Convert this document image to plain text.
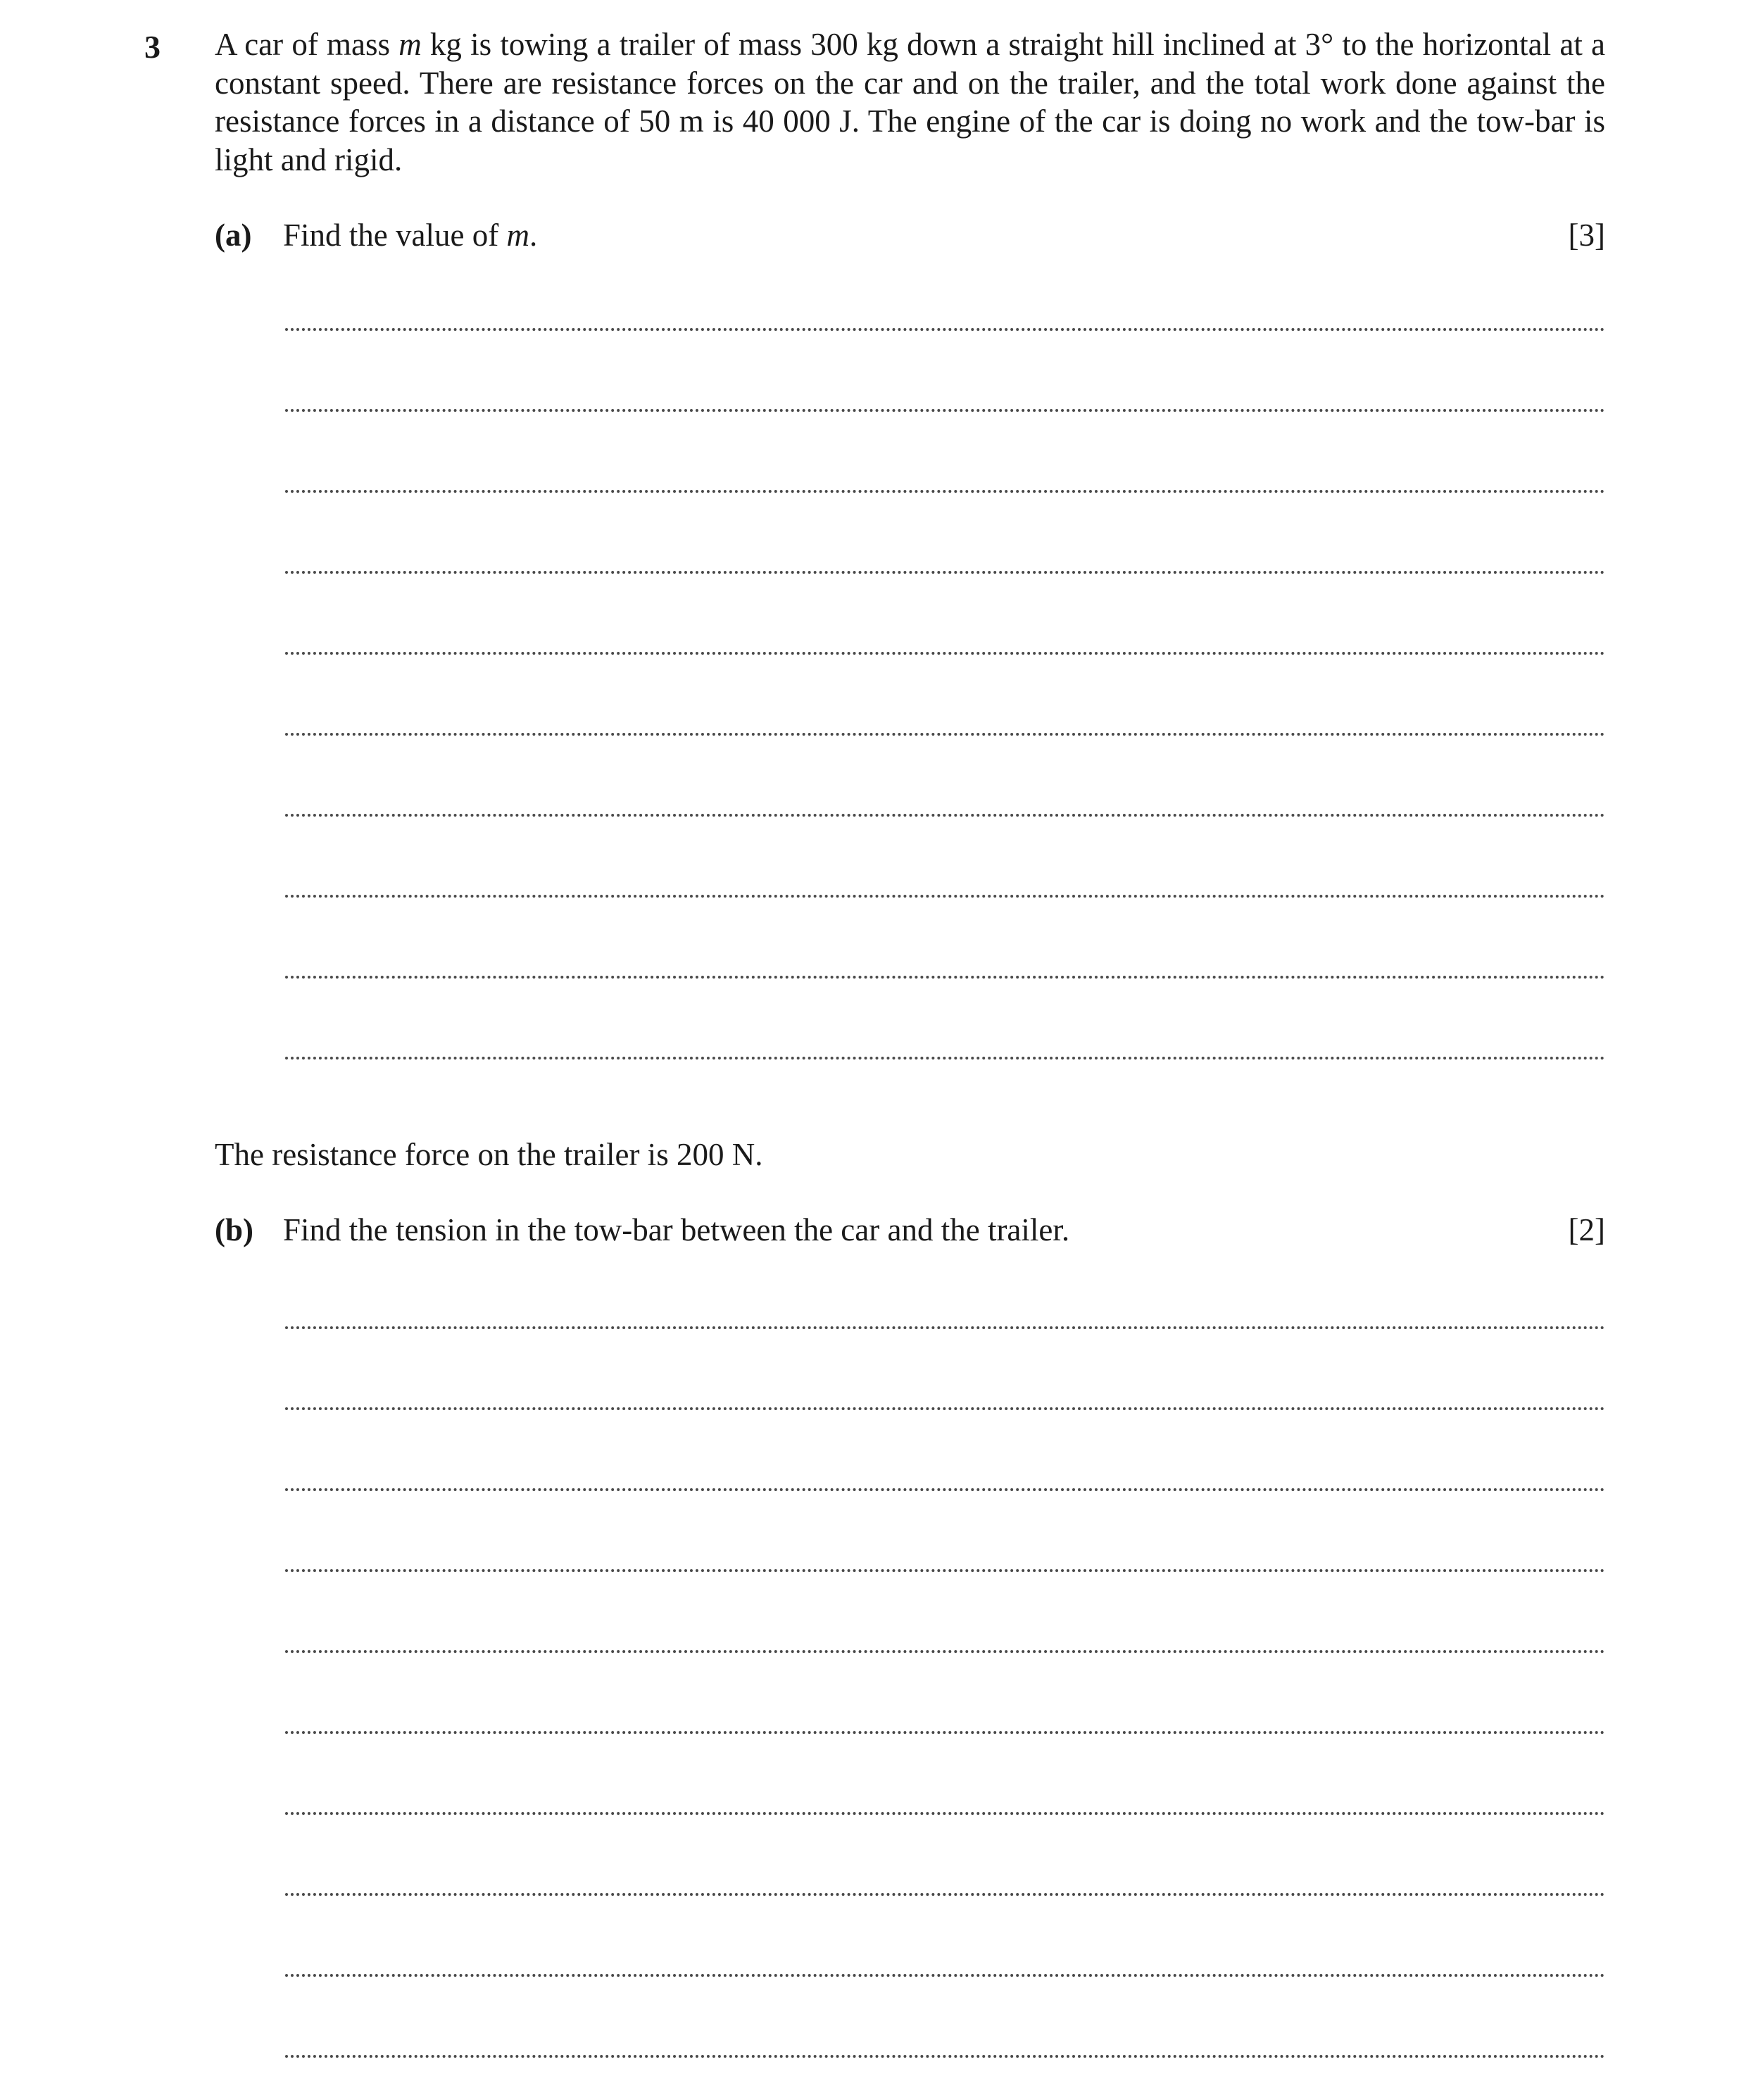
3 A car of mass m kg is towing a trailer of mass 300 kg down a straight hill inclined at 3° to the horizontal at a constant speed. There are resistance forces on the car and on the trailer, and the total work done against the resistance forces in a distance of 50 m is 40 000 J. The engine of the car is doing no work and the tow-bar is light and rigid.

(a) Find the value of m.	[3]

The resistance force on the trailer is 200 N.

(b) Find the tension in the tow-bar between the car and the trailer.	[2]
